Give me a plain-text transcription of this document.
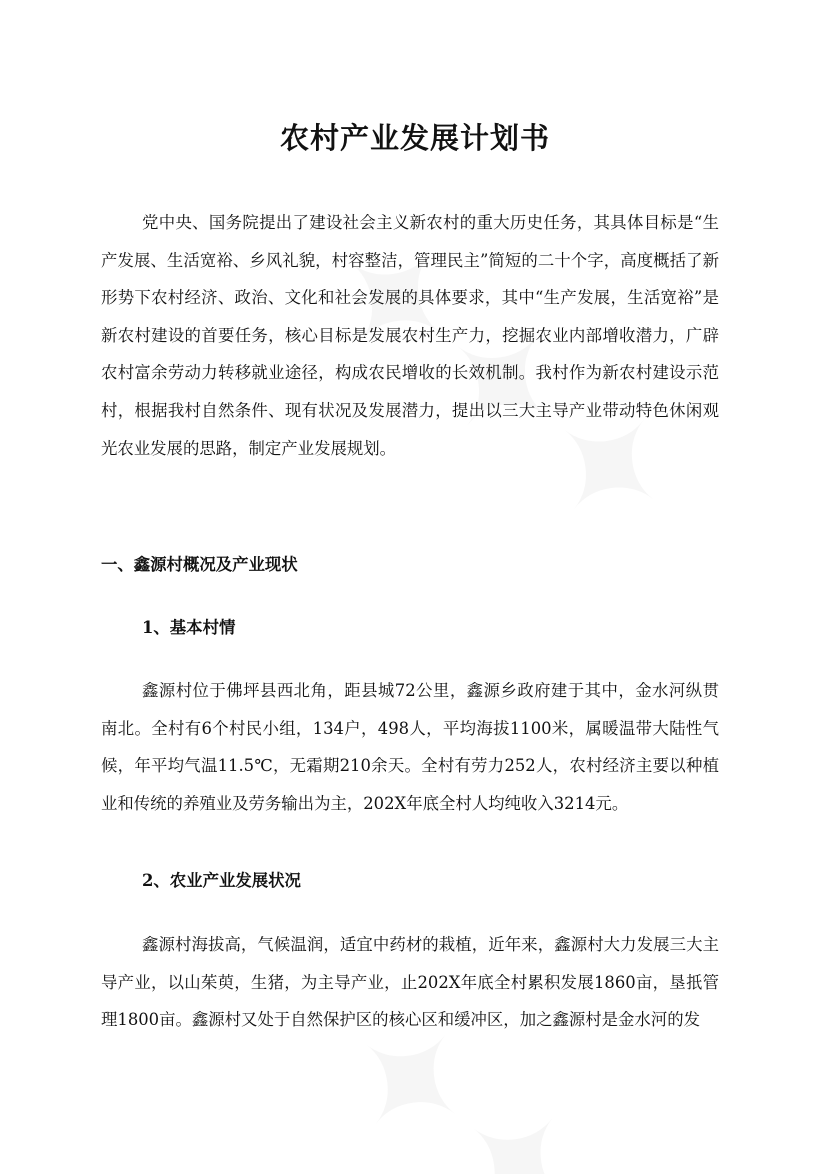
农村产业发展计划书

党中央、国务院提出了建设社会主义新农村的重大历史任务，其具体目标是“生产发展、生活宽裕、乡风礼貌，村容整洁，管理民主”简短的二十个字，高度概括了新形势下农村经济、政治、文化和社会发展的具体要求，其中“生产发展，生活宽裕”是新农村建设的首要任务，核心目标是发展农村生产力，挖掘农业内部增收潜力，广辟农村富余劳动力转移就业途径，构成农民增收的长效机制。我村作为新农村建设示范村，根据我村自然条件、现有状况及发展潜力，提出以三大主导产业带动特色休闲观光农业发展的思路，制定产业发展规划。

一、鑫源村概况及产业现状
1、基本村情

鑫源村位于佛坪县西北角，距县城72公里，鑫源乡政府建于其中，金水河纵贯南北。全村有6个村民小组，134户，498人，平均海拔1100米，属暖温带大陆性气候，年平均气温11.5℃，无霜期210余天。全村有劳力252人，农村经济主要以种植业和传统的养殖业及劳务输出为主，202X年底全村人均纯收入3214元。

2、农业产业发展状况

鑫源村海拔高，气候温润，适宜中药材的栽植，近年来，鑫源村大力发展三大主导产业，以山茱萸，生猪，为主导产业，止202X年底全村累积发展1860亩，垦扺管理1800亩。鑫源村又处于自然保护区的核心区和缓冲区，加之鑫源村是金水河的发
